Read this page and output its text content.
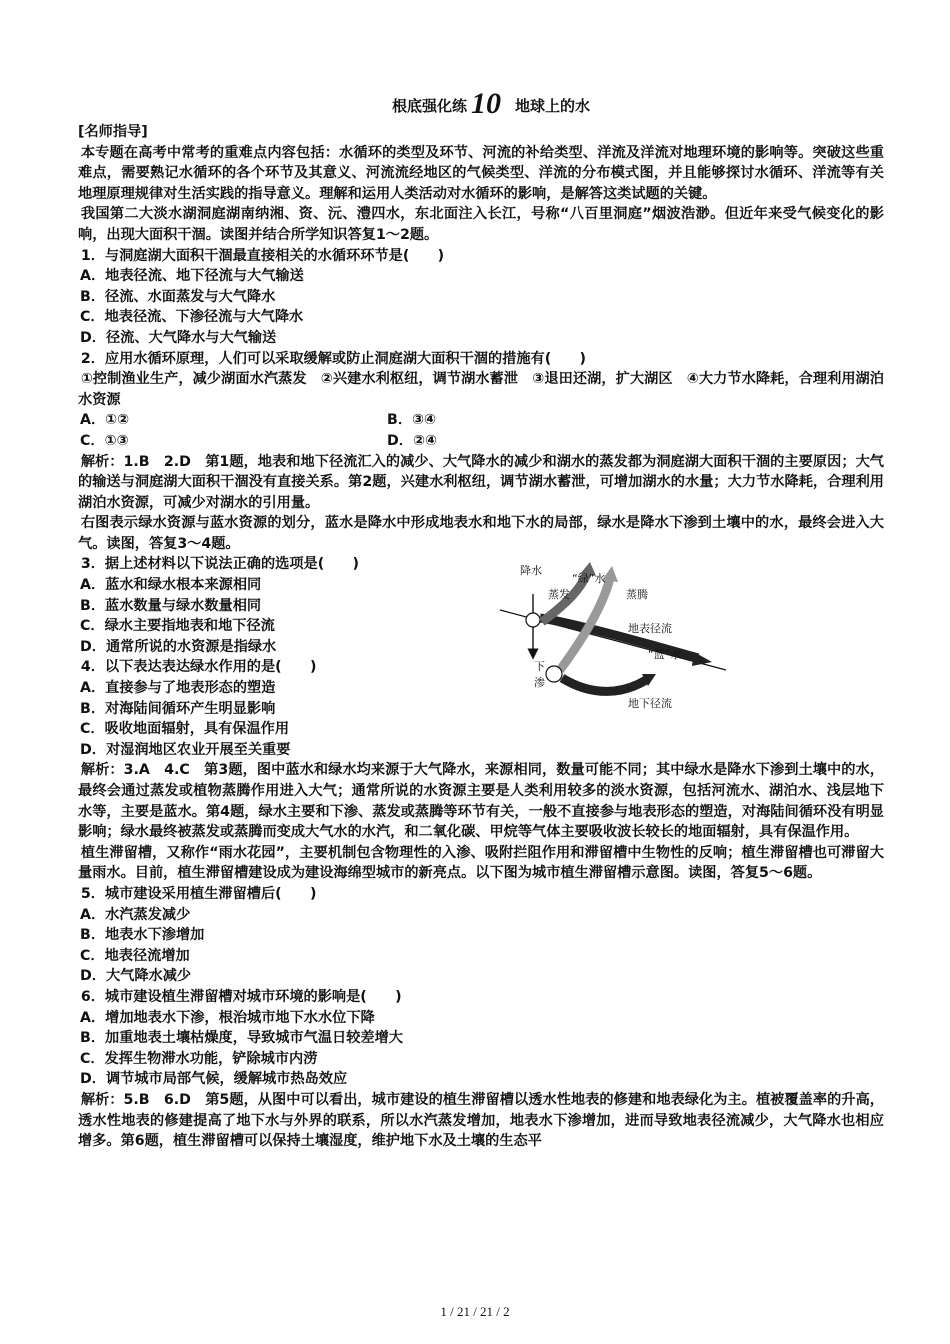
根底强化练 10 地球上的水

[名师指导]

本专题在高考中常考的重难点内容包括：水循环的类型及环节、河流的补给类型、洋流及洋流对地理环境的影响等。突破这些重难点，需要熟记水循环的各个环节及其意义、河流流经地区的气候类型、洋流的分布模式图，并且能够探讨水循环、洋流等有关地理原理规律对生活实践的指导意义。理解和运用人类活动对水循环的影响，是解答这类试题的关键。

我国第二大淡水湖洞庭湖南纳湘、资、沅、澧四水，东北面注入长江，号称“八百里洞庭”烟波浩渺。但近年来受气候变化的影响，出现大面积干涸。读图并结合所学知识答复1～2题。

1．与洞庭湖大面积干涸最直接相关的水循环环节是(　　)

A．地表径流、地下径流与大气输送

B．径流、水面蒸发与大气降水

C．地表径流、下渗径流与大气降水

D．径流、大气降水与大气输送

2．应用水循环原理，人们可以采取缓解或防止洞庭湖大面积干涸的措施有(　　)

①控制渔业生产，减少湖面水汽蒸发　②兴建水利枢纽，调节湖水蓄泄　③退田还湖，扩大湖区　④大力节水降耗，合理利用湖泊水资源

A．①②	B．③④

C．①③	D．②④

解析：1.B　2.D　第1题，地表和地下径流汇入的减少、大气降水的减少和湖水的蒸发都为洞庭湖大面积干涸的主要原因；大气的输送与洞庭湖大面积干涸没有直接关系。第2题，兴建水利枢纽，调节湖水蓄泄，可增加湖水的水量；大力节水降耗，合理利用湖泊水资源，可减少对湖水的引用量。

右图表示绿水资源与蓝水资源的划分，蓝水是降水中形成地表水和地下水的局部，绿水是降水下渗到土壤中的水，最终会进入大气。读图，答复3～4题。

3．据上述材料以下说法正确的选项是(　　)

A．蓝水和绿水根本来源相同

B．蓝水数量与绿水数量相同

C．绿水主要指地表和地下径流

D．通常所说的水资源是指绿水

4．以下表达表达绿水作用的是(　　)

A．直接参与了地表形态的塑造

B．对海陆间循环产生明显影响

C．吸收地面辐射，具有保温作用

D．对湿润地区农业开展至关重要

降水
“绿”水
蒸发	蒸腾
地表径流
“蓝”水
下
渗
地下径流

解析：3.A　4.C　第3题，图中蓝水和绿水均来源于大气降水，来源相同，数量可能不同；其中绿水是降水下渗到土壤中的水，最终会通过蒸发或植物蒸腾作用进入大气；通常所说的水资源主要是人类利用较多的淡水资源，包括河流水、湖泊水、浅层地下水等，主要是蓝水。第4题，绿水主要和下渗、蒸发或蒸腾等环节有关，一般不直接参与地表形态的塑造，对海陆间循环没有明显影响；绿水最终被蒸发或蒸腾而变成大气水的水汽，和二氧化碳、甲烷等气体主要吸收波长较长的地面辐射，具有保温作用。

植生滞留槽，又称作“雨水花园”，主要机制包含物理性的入渗、吸附拦阻作用和滞留槽中生物性的反响；植生滞留槽也可滞留大量雨水。目前，植生滞留槽建设成为建设海绵型城市的新亮点。以下图为城市植生滞留槽示意图。读图，答复5～6题。

5．城市建设采用植生滞留槽后(　　)

A．水汽蒸发减少

B．地表水下渗增加

C．地表径流增加

D．大气降水减少

6．城市建设植生滞留槽对城市环境的影响是(　　)

A．增加地表水下渗，根治城市地下水水位下降

B．加重地表土壤枯燥度，导致城市气温日较差增大

C．发挥生物滞水功能，铲除城市内涝

D．调节城市局部气候，缓解城市热岛效应

解析：5.B　6.D　第5题，从图中可以看出，城市建设的植生滞留槽以透水性地表的修建和地表绿化为主。植被覆盖率的升高，透水性地表的修建提高了地下水与外界的联系，所以水汽蒸发增加，地表水下渗增加，进而导致地表径流减少，大气降水也相应增多。第6题，植生滞留槽可以保持土壤湿度，维护地下水及土壤的生态平

1 / 21 / 21 / 2
